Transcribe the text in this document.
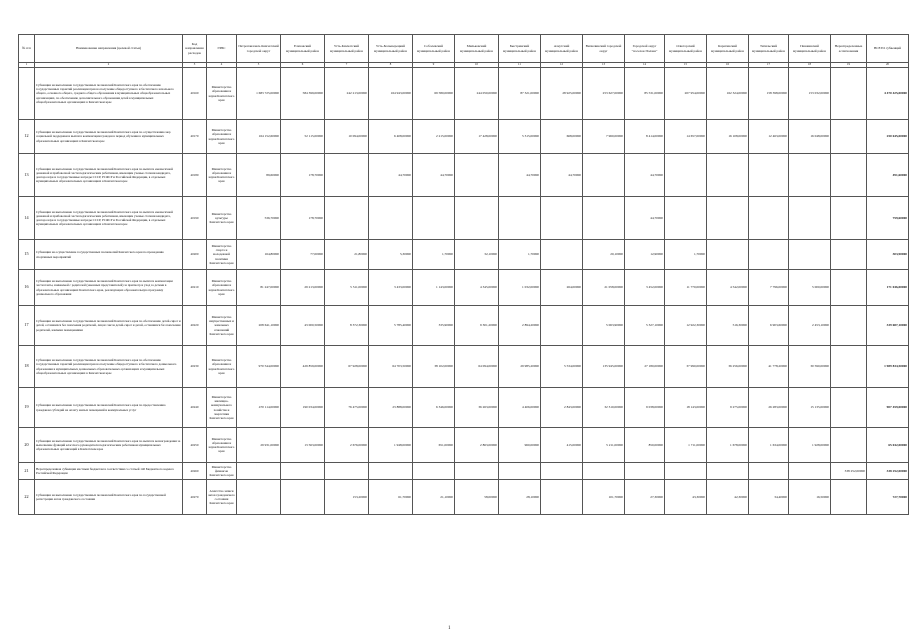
№ п/п	Наименование направления (целевой статьи)	Код направления расходов	ГРБС	Петропавловск-Камчатский городской округ	Елизовский муниципальный район	Усть-Камчатский муниципальный район	Усть-Большерецкий муниципальный район	Соболевский муниципальный район	Мильковский муниципальный район	Быстринский муниципальный район	Алеутский муниципальный район	Вилючинский городской округ	Городской округ "поселок Палана"	Олюторский муниципальный район	Карагинский муниципальный район	Тигильский муниципальный район	Пенжинский муниципальный район	Нераспределенные ассигнования	ВСЕГО субвенций
1	2	3	4	5	6	7	8	9	10	11	12	13	14	15	16	17	18	19	20
	Субвенции на выполнение государственных полномочий Камчатского края по обеспечению государственных гарантий реализации прав на получение общедоступного и бесплатного начального общего, основного общего, среднего общего образования в муниципальных общеобразовательных организациях, по обеспечению дополнительного образования детей в муниципальных общеобразовательных организациях в Камчатском крае	40160	Министерство образования и науки Камчатского края	1 683 725,00000	584 399,00000	242 213,00000	164 943,00000	69 580,00000	244 050,00000	87 321,00000	28 925,00000	253 627,00000	85 531,00000	207 954,00000	162 324,00000	158 398,00000	153 032,00000		4 470 425,00000
12	Субвенции на выполнение государственных полномочий Камчатского края по осуществлению мер социальной поддержки и выплате компенсации граждан в период обучения в муниципальных образовательных организациях в Камчатском крае	40170	Министерство образования и науки Камчатского края	164 152,60000	52 115,00000	10 094,00000	6 408,00000	2 215,00000	17 428,00000	5 315,00000	668,00000	7 960,00000	8 414,00000	14 657,00000	16 108,00000	12 463,00000	16 048,00000		250 645,00000
13	Субвенции на выполнение государственных полномочий Камчатского края по выплате ежемесячной денежной и прибавочной части педагогическим работникам, имеющим ученые степени кандидата, доктора наук и государственные награды СССР, РСФСР и Российской Федерации, в отдельных муниципальных образовательных организациях в Камчатском крае	40180	Министерство образования и науки Камчатского края	89,60000	178,70000		44,70000	44,70000		44,70000	44,70000		44,70000						491,60000
14	Субвенции на выполнение государственных полномочий Камчатского края по выплате ежемесячной денежной и прибавочной части педагогическим работникам, имеющим ученые степени кандидата, доктора наук и государственные награды СССР, РСФСР и Российской Федерации, в отдельных муниципальных образовательных организациях в Камчатском крае	40190	Министерство культуры Камчатского края	536,70000	178,70000								44,70000						759,60000
15	Субвенции на осуществление государственных полномочий Камчатского края по проведению спортивных мероприятий	40200	Министерство спорта и молодежной политики Камчатского края	164,80000	77,00000	21,80000	5,30000	1,70000	32,10000	1,70000		20,10000	12,90000	1,70000					303,90000
16	Субвенции на выполнение государственных полномочий Камчатского края по выплате компенсации части платы, взимаемой с родителей (законных представителей) за присмотр и уход за детьми в образовательных организациях Камчатского края, реализующих образовательную программу дошкольного образования	40210	Министерство образования и науки Камчатского края	81 247,00000	29 213,00000	5 311,00000	3 433,00000	1 143,00000	4 345,00000	1 032,00000	264,00000	21 058,00000	3 452,00000	11 770,00000	4 542,00000	7 796,00000	5 000,00000		171 046,00000
17	Субвенции на выполнение государственных полномочий Камчатского края по обеспечению детей-сирот и детей, оставшихся без попечения родителей, лиц из числа детей-сирот и детей, оставшихся без попечения родителей, жилыми помещениями	40220	Министерство имущественных и земельных отношений Камчатского края	208 641,10000	43 000,50000	8 372,30000	5 785,40000	335,90000	9 301,20000	2 894,20000		5 063,90000	5 327,10000	12 922,30000	516,30000	6 903,60000	2 453,10000		339 687,10000
18	Субвенции на выполнение государственных полномочий Камчатского края по обеспечению государственных гарантий реализации прав на получение общедоступного и бесплатного дошкольного образования в муниципальных дошкольных образовательных организациях и муниципальных общеобразовательных организациях в Камчатском крае	40230	Министерство образования и науки Камчатского края	970 544,00000	429 859,00000	67 928,00000	64 703,50000	38 102,00000	64 094,00000	29 985,20000	5 534,00000	135 945,00000	27 180,00000	37 990,00000	36 256,00000	41 778,20000	30 590,00000		1 989 834,50000
19	Субвенции на выполнение государственных полномочий Камчатского края по предоставлению гражданам субсидий на оплату жилых помещений и коммунальных услуг	40240	Министерство жилищно-коммунального хозяйства и энергетики Камчатского края	470 114,00000	190 034,00000	76 475,00000	23 888,00000	6 346,00000	36 263,00000	4 406,00000	2 843,00000	32 310,00000	9 038,00000	18 143,00000	9 275,00000	26 283,00000	15 135,00000		907 459,00000
20	Субвенции на выполнение государственных полномочий Камчатского края по выплате вознаграждения за выполнение функций классного руководителя педагогическим работникам муниципальных образовательных организаций в Камчатском крае	40250	Министерство образования и науки Камчатского края	29 931,00000	13 563,00000	2 676,00000	1 948,00000	651,00000	2 863,00000	960,00000	415,00000	5 211,00000	850,00000	1 711,00000	1 678,00000	1 634,00000	1 928,00000		65 042,00000
21	Нераспределенная субвенция местным бюджетам в соответствии со статьей 140 Бюджетного кодекса Российской Федерации	40260	Министерство финансов Камчатского края															338 252,00000	338 252,00000
22	Субвенции на выполнение государственных полномочий Камчатского края по государственной регистрации актов гражданского состояния	40270	Агентство записи актов гражданского состояния Камчатского края			153,20000	61,70000	21,10000	58,00000	28,10000		101,70000	27,30000	43,30000	42,30000	34,40000	16,50000		727,70000
1
